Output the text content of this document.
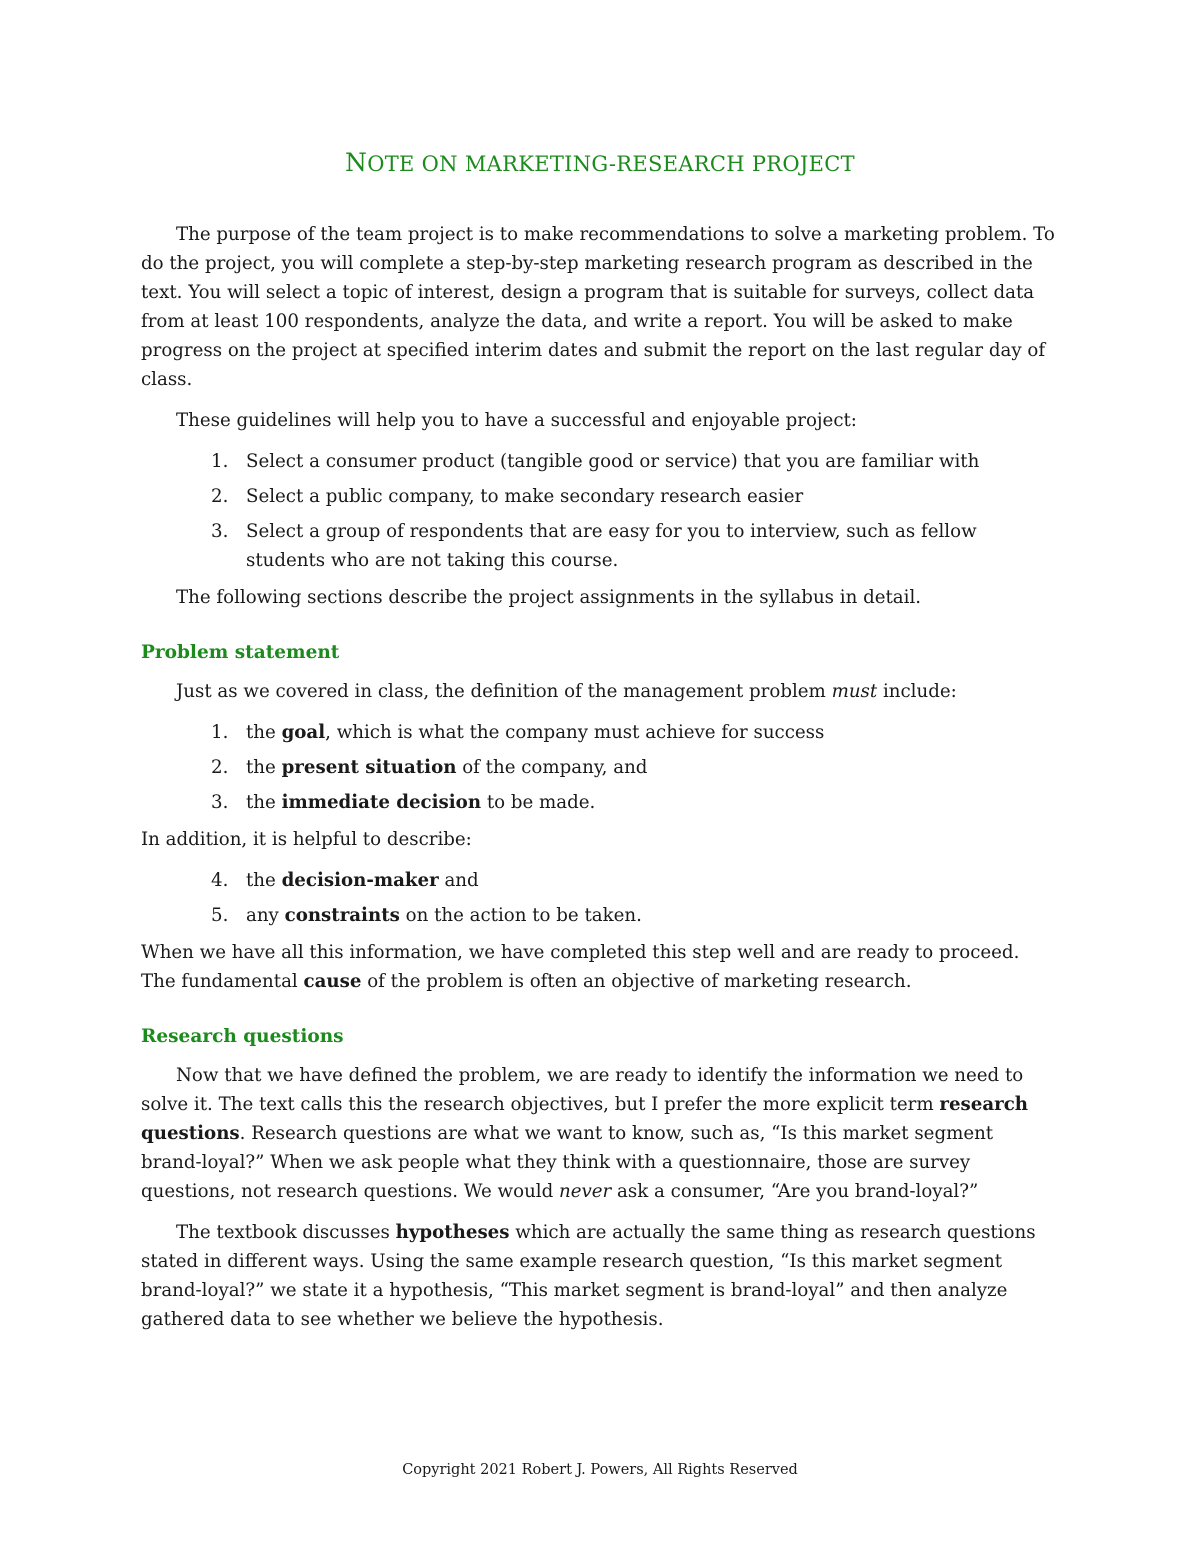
NOTE ON MARKETING-RESEARCH PROJECT

The purpose of the team project is to make recommendations to solve a marketing problem. To do the project, you will complete a step-by-step marketing research program as described in the text. You will select a topic of interest, design a program that is suitable for surveys, collect data from at least 100 respondents, analyze the data, and write a report. You will be asked to make progress on the project at specified interim dates and submit the report on the last regular day of class.

These guidelines will help you to have a successful and enjoyable project:

1. Select a consumer product (tangible good or service) that you are familiar with
2. Select a public company, to make secondary research easier
3. Select a group of respondents that are easy for you to interview, such as fellow students who are not taking this course.

The following sections describe the project assignments in the syllabus in detail.

Problem statement

Just as we covered in class, the definition of the management problem must include:

1. the goal, which is what the company must achieve for success
2. the present situation of the company, and
3. the immediate decision to be made.

In addition, it is helpful to describe:

4. the decision-maker and
5. any constraints on the action to be taken.

When we have all this information, we have completed this step well and are ready to proceed. The fundamental cause of the problem is often an objective of marketing research.

Research questions

Now that we have defined the problem, we are ready to identify the information we need to solve it. The text calls this the research objectives, but I prefer the more explicit term research questions. Research questions are what we want to know, such as, “Is this market segment brand-loyal?” When we ask people what they think with a questionnaire, those are survey questions, not research questions. We would never ask a consumer, “Are you brand-loyal?”

The textbook discusses hypotheses which are actually the same thing as research questions stated in different ways. Using the same example research question, “Is this market segment brand-loyal?” we state it a hypothesis, “This market segment is brand-loyal” and then analyze gathered data to see whether we believe the hypothesis.

Copyright 2021 Robert J. Powers, All Rights Reserved
